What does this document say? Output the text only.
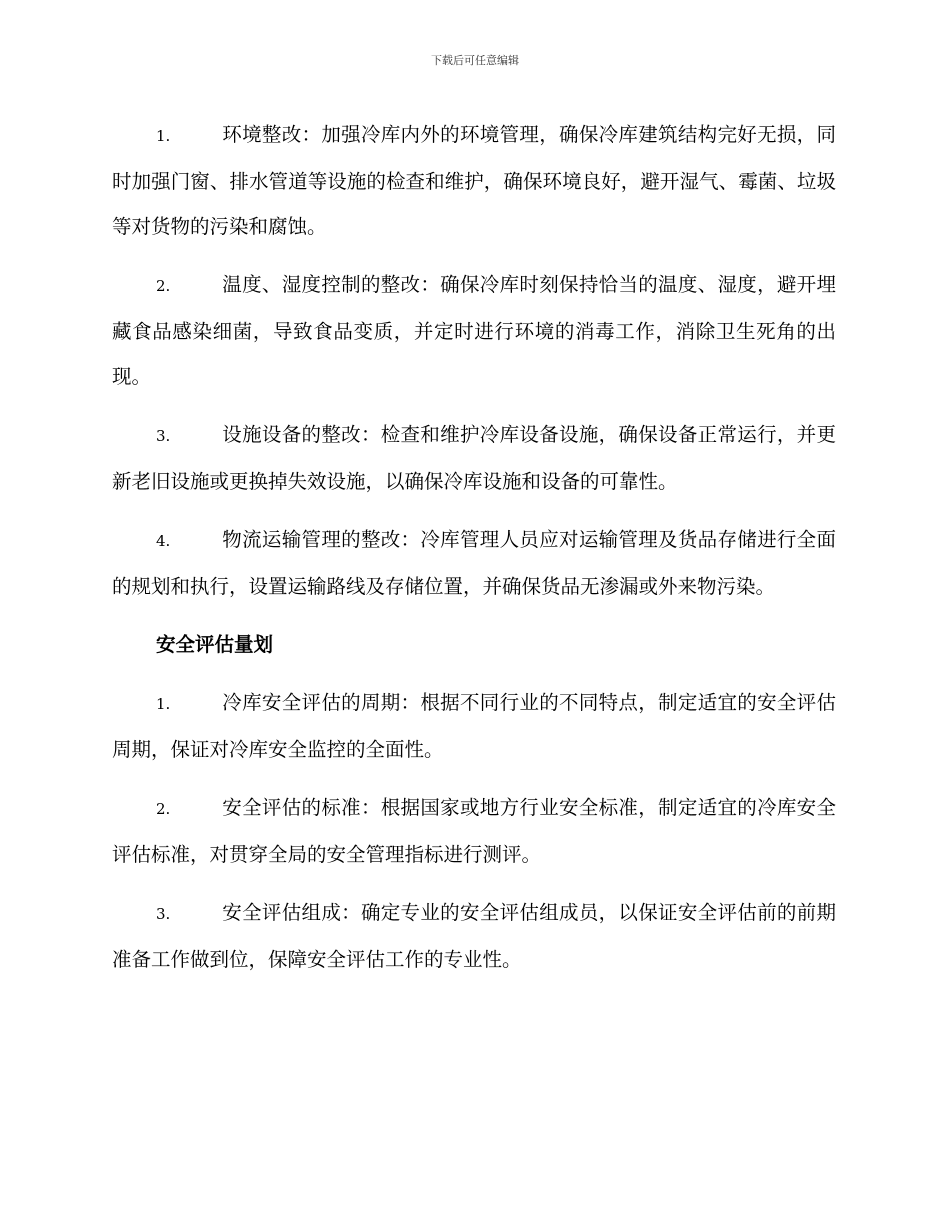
下载后可任意编辑

1.	环境整改：加强冷库内外的环境管理，确保冷库建筑结构完好无损，同时加强门窗、排水管道等设施的检查和维护，确保环境良好，避开湿气、霉菌、垃圾等对货物的污染和腐蚀。

2.	温度、湿度控制的整改：确保冷库时刻保持恰当的温度、湿度，避开埋藏食品感染细菌，导致食品变质，并定时进行环境的消毒工作，消除卫生死角的出现。

3.	设施设备的整改：检查和维护冷库设备设施，确保设备正常运行，并更新老旧设施或更换掉失效设施，以确保冷库设施和设备的可靠性。

4.	物流运输管理的整改：冷库管理人员应对运输管理及货品存储进行全面的规划和执行，设置运输路线及存储位置，并确保货品无渗漏或外来物污染。

安全评估量划

1.	冷库安全评估的周期：根据不同行业的不同特点，制定适宜的安全评估周期，保证对冷库安全监控的全面性。

2.	安全评估的标准：根据国家或地方行业安全标准，制定适宜的冷库安全评估标准，对贯穿全局的安全管理指标进行测评。

3.	安全评估组成：确定专业的安全评估组成员，以保证安全评估前的前期准备工作做到位，保障安全评估工作的专业性。
